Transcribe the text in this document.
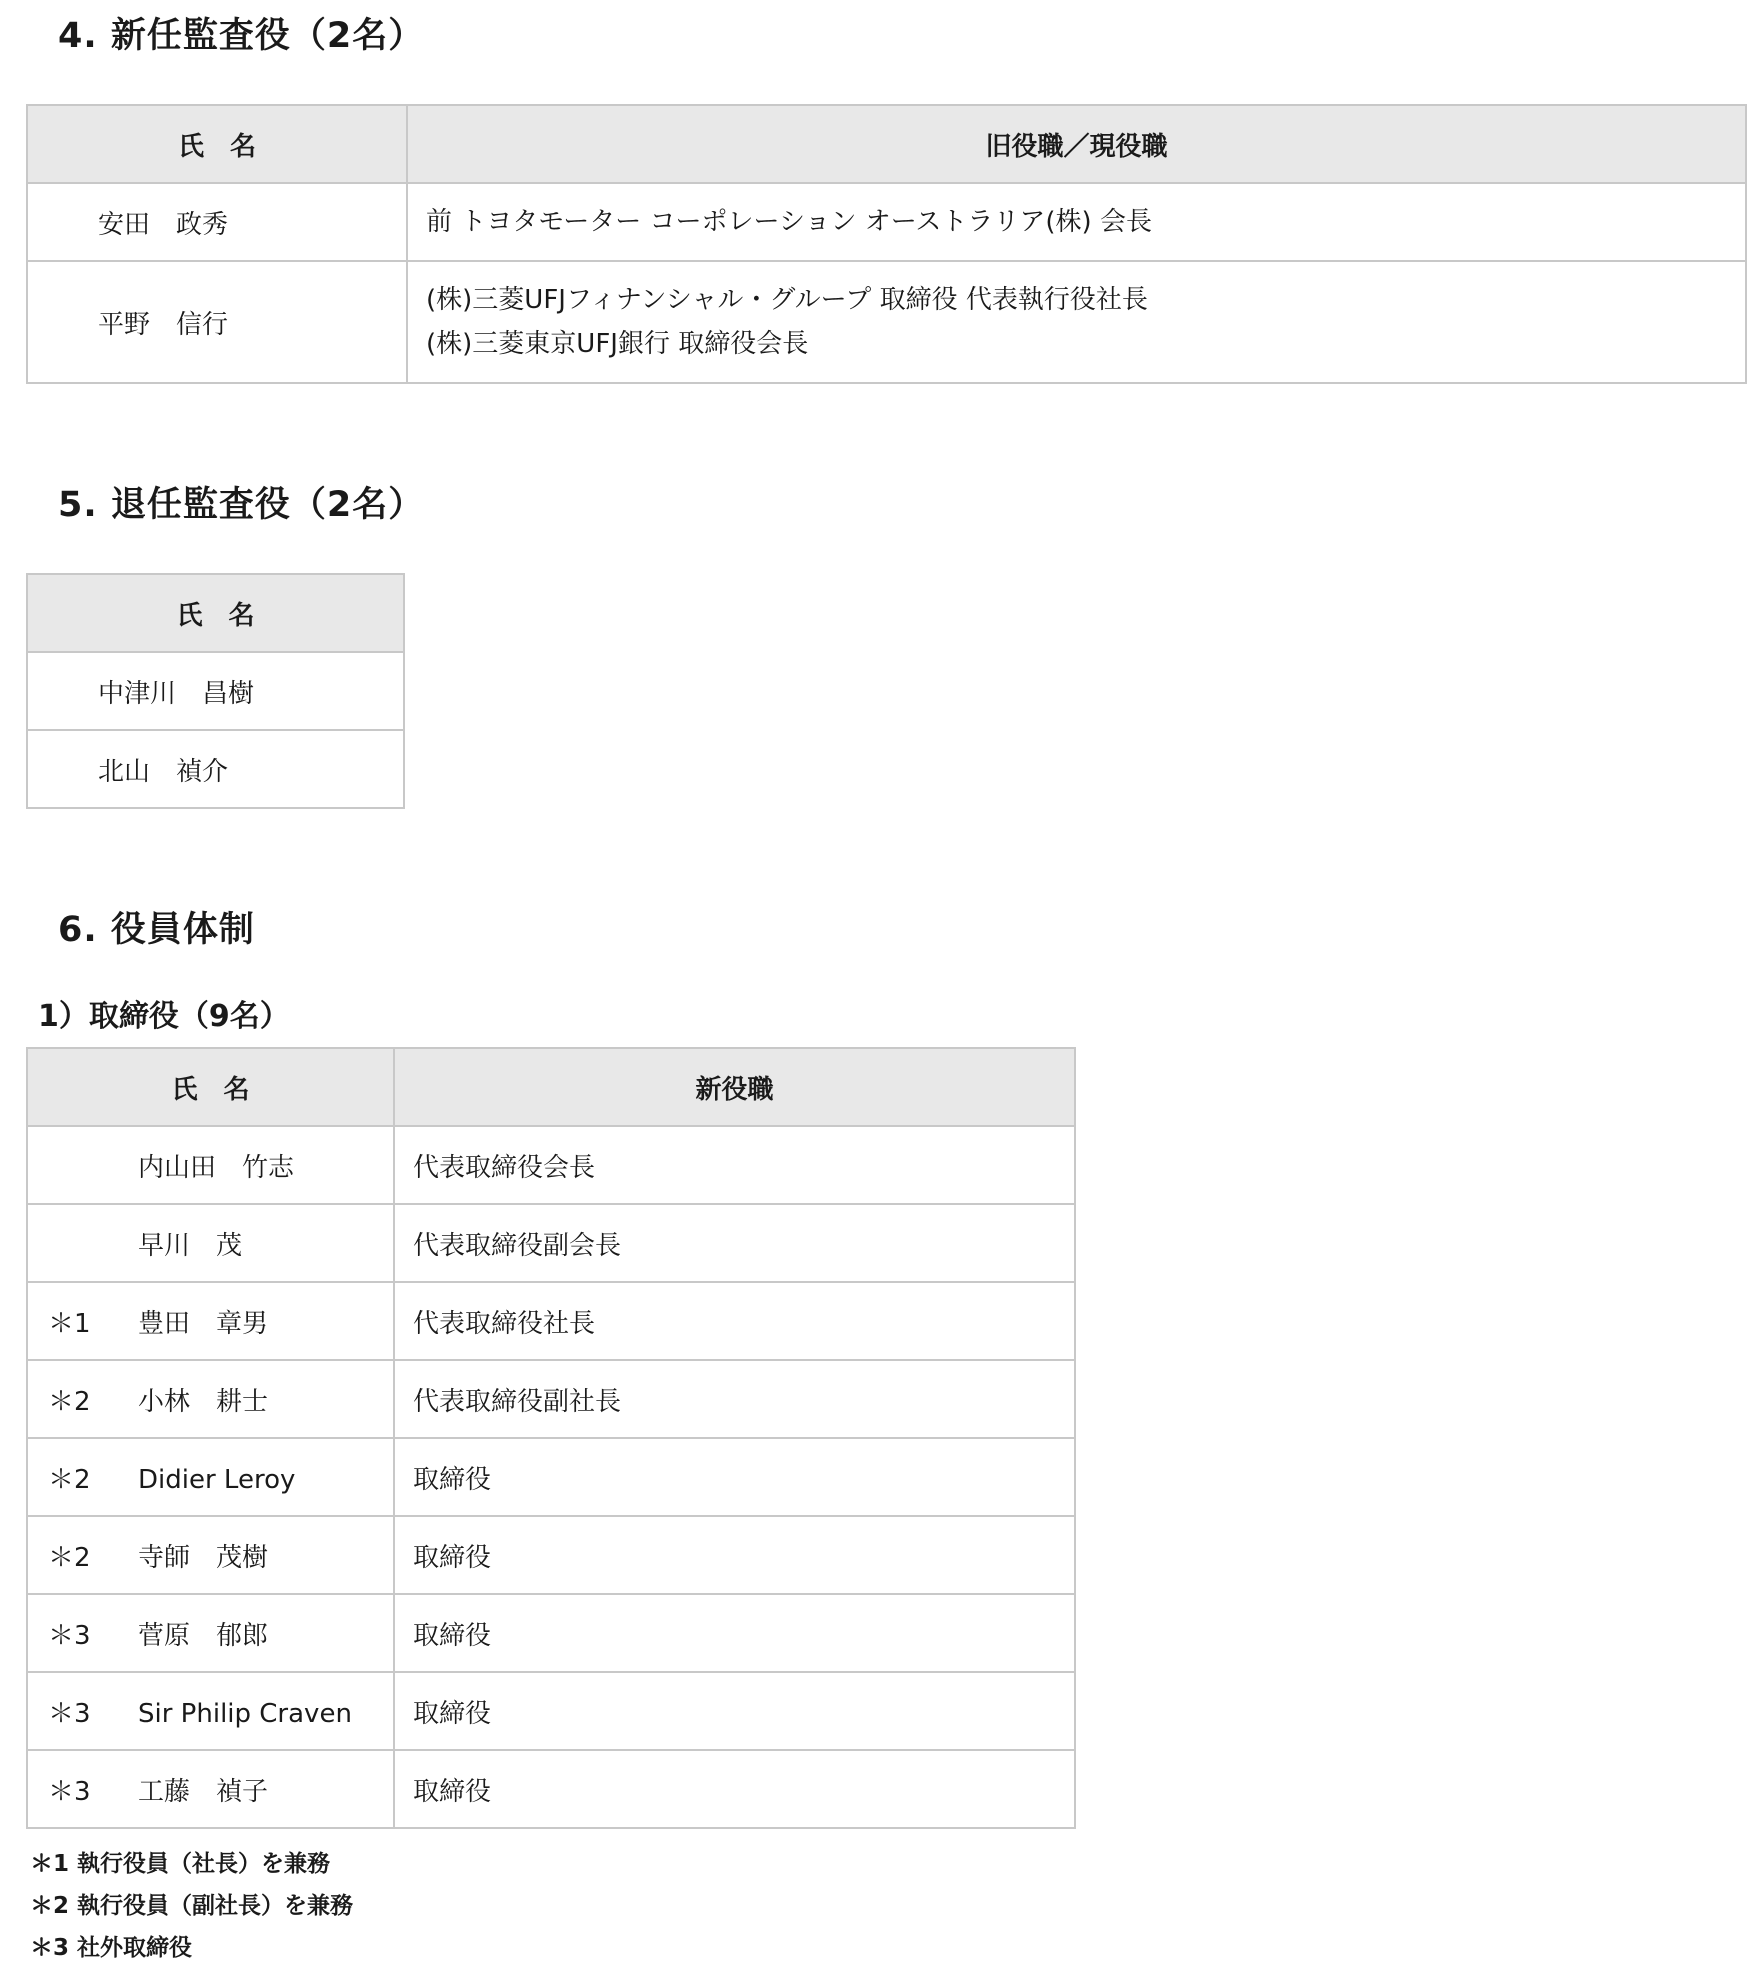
4. 新任監査役（2名）
氏　名	旧役職／現役職
安田　政秀	前 トヨタモーター コーポレーション オーストラリア(株) 会長

平野　信行	(株)三菱UFJフィナンシャル・グループ 取締役 代表執行役社長
(株)三菱東京UFJ銀行 取締役会長
5. 退任監査役（2名）
氏　名
中津川　昌樹
北山　禎介
6. 役員体制
1）取締役（9名）
氏　名	新役職
内山田　竹志	代表取締役会長
早川　茂	代表取締役副会長
＊1 豊田　章男	代表取締役社長
＊2 小林　耕士	代表取締役副社長
＊2 Didier Leroy	取締役
＊2 寺師　茂樹	取締役
＊3 菅原　郁郎	取締役
＊3 Sir Philip Craven	取締役
＊3 工藤　禎子	取締役

＊1 執行役員（社長）を兼務

＊2 執行役員（副社長）を兼務

＊3 社外取締役
